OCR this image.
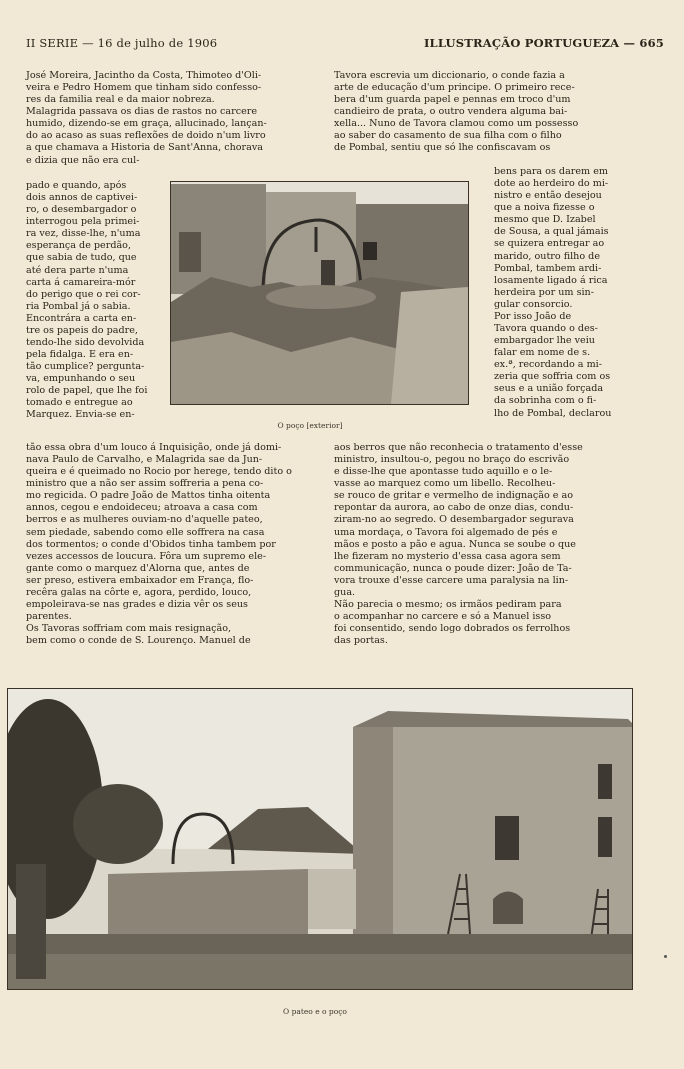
II SERIE — 16 de julho de 1906	ILLUSTRAÇÃO PORTUGUEZA — 665
José Moreira, Jacintho da Costa, Thimoteo d'Oli-
veira e Pedro Homem que tinham sido confesso-
res da familia real e da maior nobreza.
Malagrida passava os dias de rastos no carcere
humido, dizendo-se em graça, allucinado, lançan-
do ao acaso as suas reflexões de doido n'um livro
a que chamava a Historia de Sant'Anna, chorava
e dizia que não era cul-
pado e quando, após
dois annos de captivei-
ro, o desembargador o
interrogou pela primei-
ra vez, disse-lhe, n'uma
esperança de perdão,
que sabia de tudo, que
até dera parte n'uma
carta á camareira-mór
do perigo que o rei cor-
ria Pombal já o sabia.
Encontrára a carta en-
tre os papeis do padre,
tendo-lhe sido devolvida
pela fidalga. E era en-
tão cumplice? pergunta-
va, empunhando o seu
rolo de papel, que lhe foi
tomado e entregue ao
Marquez. Envia-se en-
tão essa obra d'um louco á Inquisição, onde já domi-
nava Paulo de Carvalho, e Malagrida sae da Jun-
queira e é queimado no Rocio por herege, tendo dito o
ministro que a não ser assim soffreria a pena co-
mo regicida. O padre João de Mattos tinha oitenta
annos, cegou e endoideceu; atroava a casa com
berros e as mulheres ouviam-no d'aquelle pateo,
sem piedade, sabendo como elle soffrera na casa
dos tormentos; o conde d'Obidos tinha tambem por
vezes accessos de loucura. Fôra um supremo ele-
gante como o marquez d'Alorna que, antes de
ser preso, estivera embaixador em França, flo-
recêra galas na côrte e, agora, perdido, louco,
empoleirava-se nas grades e dizia vêr os seus
parentes.
Os Tavoras soffriam com mais resignação,
bem como o conde de S. Lourenço. Manuel de
Tavora escrevia um diccionario, o conde fazia a
arte de educação d'um principe. O primeiro rece-
bera d'um guarda papel e pennas em troco d'um
candieiro de prata, o outro vendera alguma bai-
xella... Nuno de Tavora clamou como um possesso
ao saber do casamento de sua filha com o filho
de Pombal, sentiu que só lhe confiscavam os
bens para os darem em
dote ao herdeiro do mi-
nistro e então desejou
que a noiva fizesse o
mesmo que D. Izabel
de Sousa, a qual jámais
se quizera entregar ao
marido, outro filho de
Pombal, tambem ardi-
losamente ligado á rica
herdeira por um sin-
gular consorcio.
Por isso João de
Tavora quando o des-
embargador lhe veiu
falar em nome de s.
ex.ª, recordando a mi-
zeria que soffria com os
seus e a união forçada
da sobrinha com o fi-
lho de Pombal, declarou
aos berros que não reconhecia o tratamento d'esse
ministro, insultou-o, pegou no braço do escrivão
e disse-lhe que apontasse tudo aquillo e o le-
vasse ao marquez como um libello. Recolheu-
se rouco de gritar e vermelho de indignação e ao
repontar da aurora, ao cabo de onze dias, condu-
ziram-no ao segredo. O desembargador segurava
uma mordaça, o Tavora foi algemado de pés e
mãos e posto a pão e agua. Nunca se soube o que
lhe fizeram no mysterio d'essa casa agora sem
communicação, nunca o poude dizer: João de Ta-
vora trouxe d'esse carcere uma paralysia na lin-
gua.
Não parecia o mesmo; os irmãos pediram para
o acompanhar no carcere e só a Manuel isso
foi consentido, sendo logo dobrados os ferrolhos
das portas.
O poço [exterior]
O pateo e o poço
